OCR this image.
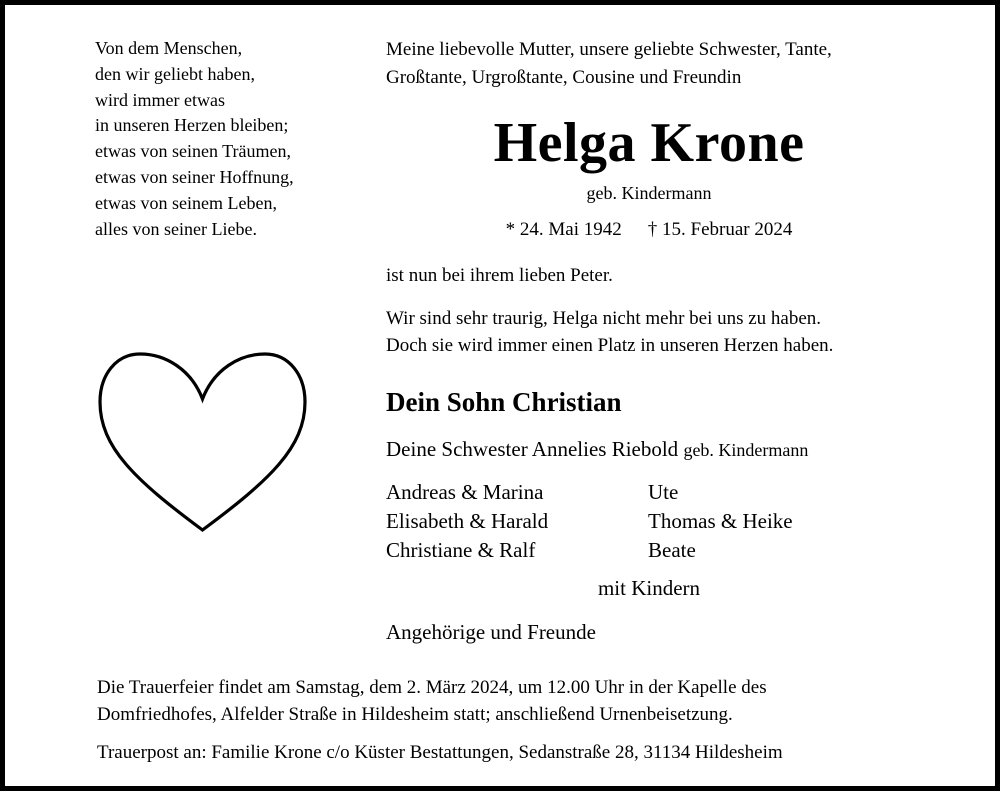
Von dem Menschen,
den wir geliebt haben,
wird immer etwas
in unseren Herzen bleiben;
etwas von seinen Träumen,
etwas von seiner Hoffnung,
etwas von seinem Leben,
alles von seiner Liebe.
Meine liebevolle Mutter, unsere geliebte Schwester, Tante,
Großtante, Urgroßtante, Cousine und Freundin
Helga Krone
geb. Kindermann
* 24. Mai 1942 † 15. Februar 2024
ist nun bei ihrem lieben Peter.
Wir sind sehr traurig, Helga nicht mehr bei uns zu haben.
Doch sie wird immer einen Platz in unseren Herzen haben.
Dein Sohn Christian
Deine Schwester Annelies Riebold geb. Kindermann
Andreas & Marina
Elisabeth & Harald
Christiane & Ralf
Ute
Thomas & Heike
Beate
mit Kindern
Angehörige und Freunde
Die Trauerfeier findet am Samstag, dem 2. März 2024, um 12.00 Uhr in der Kapelle des
Domfriedhofes, Alfelder Straße in Hildesheim statt; anschließend Urnenbeisetzung.
Trauerpost an: Familie Krone c/o Küster Bestattungen, Sedanstraße 28, 31134 Hildesheim
